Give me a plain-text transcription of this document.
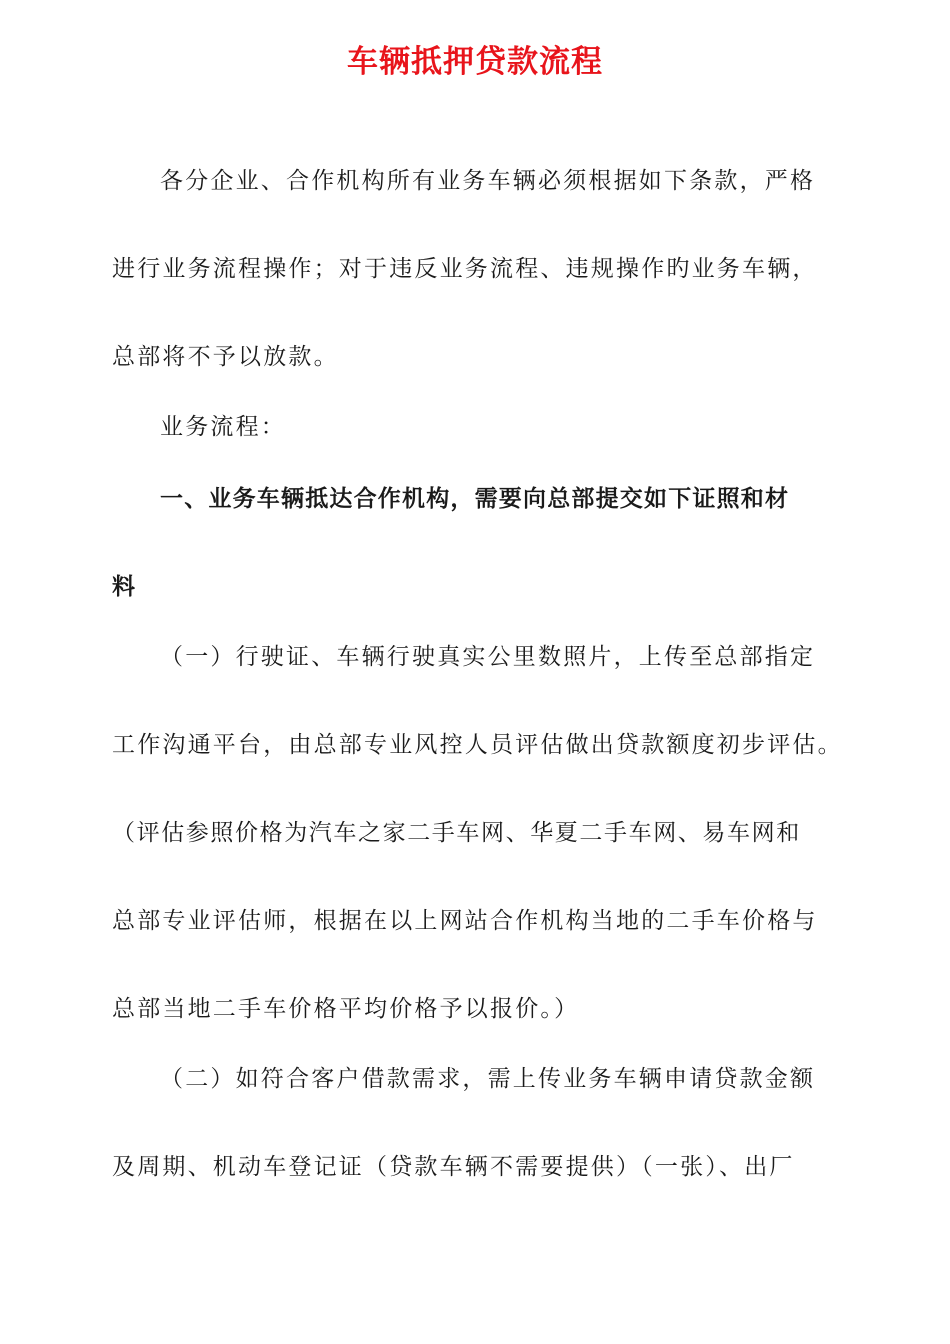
车辆抵押贷款流程
各分企业、合作机构所有业务车辆必须根据如下条款，严格
进行业务流程操作；对于违反业务流程、违规操作旳业务车辆，
总部将不予以放款。
业务流程：
一、业务车辆抵达合作机构，需要向总部提交如下证照和材
料
（一）行驶证、车辆行驶真实公里数照片，上传至总部指定
工作沟通平台，由总部专业风控人员评估做出贷款额度初步评估。
（评估参照价格为汽车之家二手车网、华夏二手车网、易车网和
总部专业评估师，根据在以上网站合作机构当地的二手车价格与
总部当地二手车价格平均价格予以报价。）
（二）如符合客户借款需求，需上传业务车辆申请贷款金额
及周期、机动车登记证（贷款车辆不需要提供）（一张）、出厂
